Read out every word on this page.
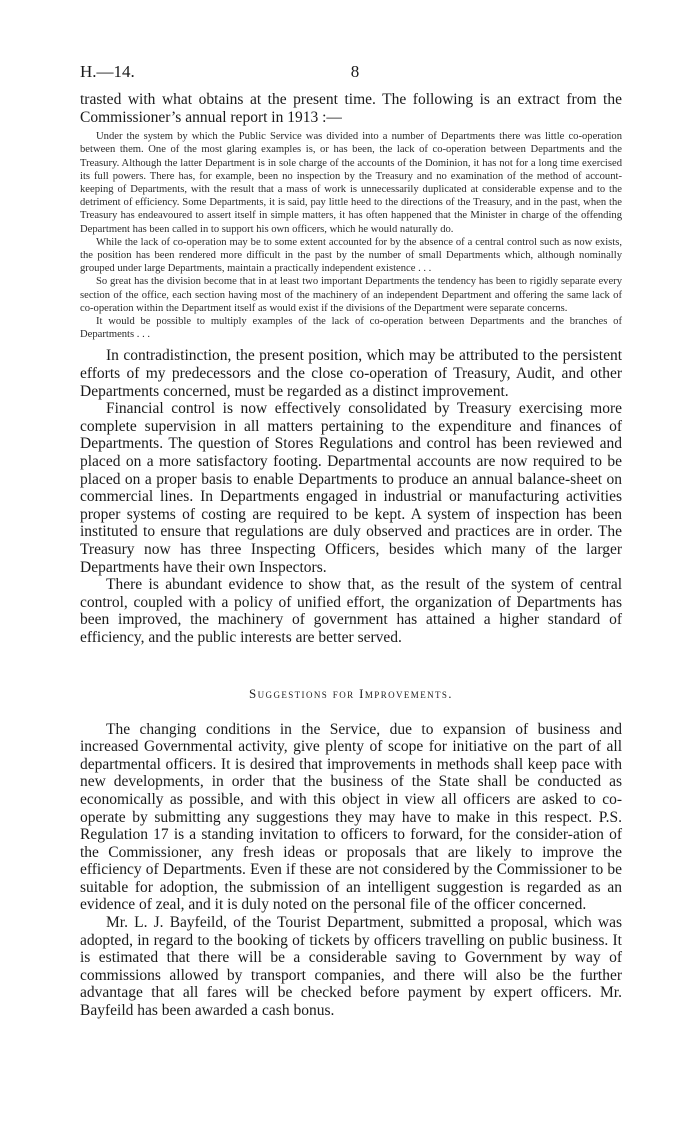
H.—14.	8

trasted with what obtains at the present time. The following is an extract from the Commissioner’s annual report in 1913 :—

Under the system by which the Public Service was divided into a number of Departments there was little co-operation between them. One of the most glaring examples is, or has been, the lack of co-operation between Departments and the Treasury. Although the latter Department is in sole charge of the accounts of the Dominion, it has not for a long time exercised its full powers. There has, for example, been no inspection by the Treasury and no examination of the method of account-keeping of Departments, with the result that a mass of work is unnecessarily duplicated at considerable expense and to the detriment of efficiency. Some Departments, it is said, pay little heed to the directions of the Treasury, and in the past, when the Treasury has endeavoured to assert itself in simple matters, it has often happened that the Minister in charge of the offending Department has been called in to support his own officers, which he would naturally do.

While the lack of co-operation may be to some extent accounted for by the absence of a central control such as now exists, the position has been rendered more difficult in the past by the number of small Departments which, although nominally grouped under large Departments, maintain a practically independent existence . . .

So great has the division become that in at least two important Departments the tendency has been to rigidly separate every section of the office, each section having most of the machinery of an independent Department and offering the same lack of co-operation within the Department itself as would exist if the divisions of the Department were separate concerns.

It would be possible to multiply examples of the lack of co-operation between Departments and the branches of Departments . . .

In contradistinction, the present position, which may be attributed to the persistent efforts of my predecessors and the close co-operation of Treasury, Audit, and other Departments concerned, must be regarded as a distinct improvement.

Financial control is now effectively consolidated by Treasury exercising more complete supervision in all matters pertaining to the expenditure and finances of Departments. The question of Stores Regulations and control has been reviewed and placed on a more satisfactory footing. Departmental accounts are now required to be placed on a proper basis to enable Departments to produce an annual balance-sheet on commercial lines. In Departments engaged in industrial or manufacturing activities proper systems of costing are required to be kept. A system of inspection has been instituted to ensure that regulations are duly observed and practices are in order. The Treasury now has three Inspecting Officers, besides which many of the larger Departments have their own Inspectors.

There is abundant evidence to show that, as the result of the system of central control, coupled with a policy of unified effort, the organization of Departments has been improved, the machinery of government has attained a higher standard of efficiency, and the public interests are better served.

Suggestions for Improvements.

The changing conditions in the Service, due to expansion of business and increased Governmental activity, give plenty of scope for initiative on the part of all departmental officers. It is desired that improvements in methods shall keep pace with new developments, in order that the business of the State shall be conducted as economically as possible, and with this object in view all officers are asked to co-operate by submitting any suggestions they may have to make in this respect. P.S. Regulation 17 is a standing invitation to officers to forward, for the consider-ation of the Commissioner, any fresh ideas or proposals that are likely to improve the efficiency of Departments. Even if these are not considered by the Commissioner to be suitable for adoption, the submission of an intelligent suggestion is regarded as an evidence of zeal, and it is duly noted on the personal file of the officer concerned.

Mr. L. J. Bayfeild, of the Tourist Department, submitted a proposal, which was adopted, in regard to the booking of tickets by officers travelling on public business. It is estimated that there will be a considerable saving to Government by way of commissions allowed by transport companies, and there will also be the further advantage that all fares will be checked before payment by expert officers. Mr. Bayfeild has been awarded a cash bonus.
